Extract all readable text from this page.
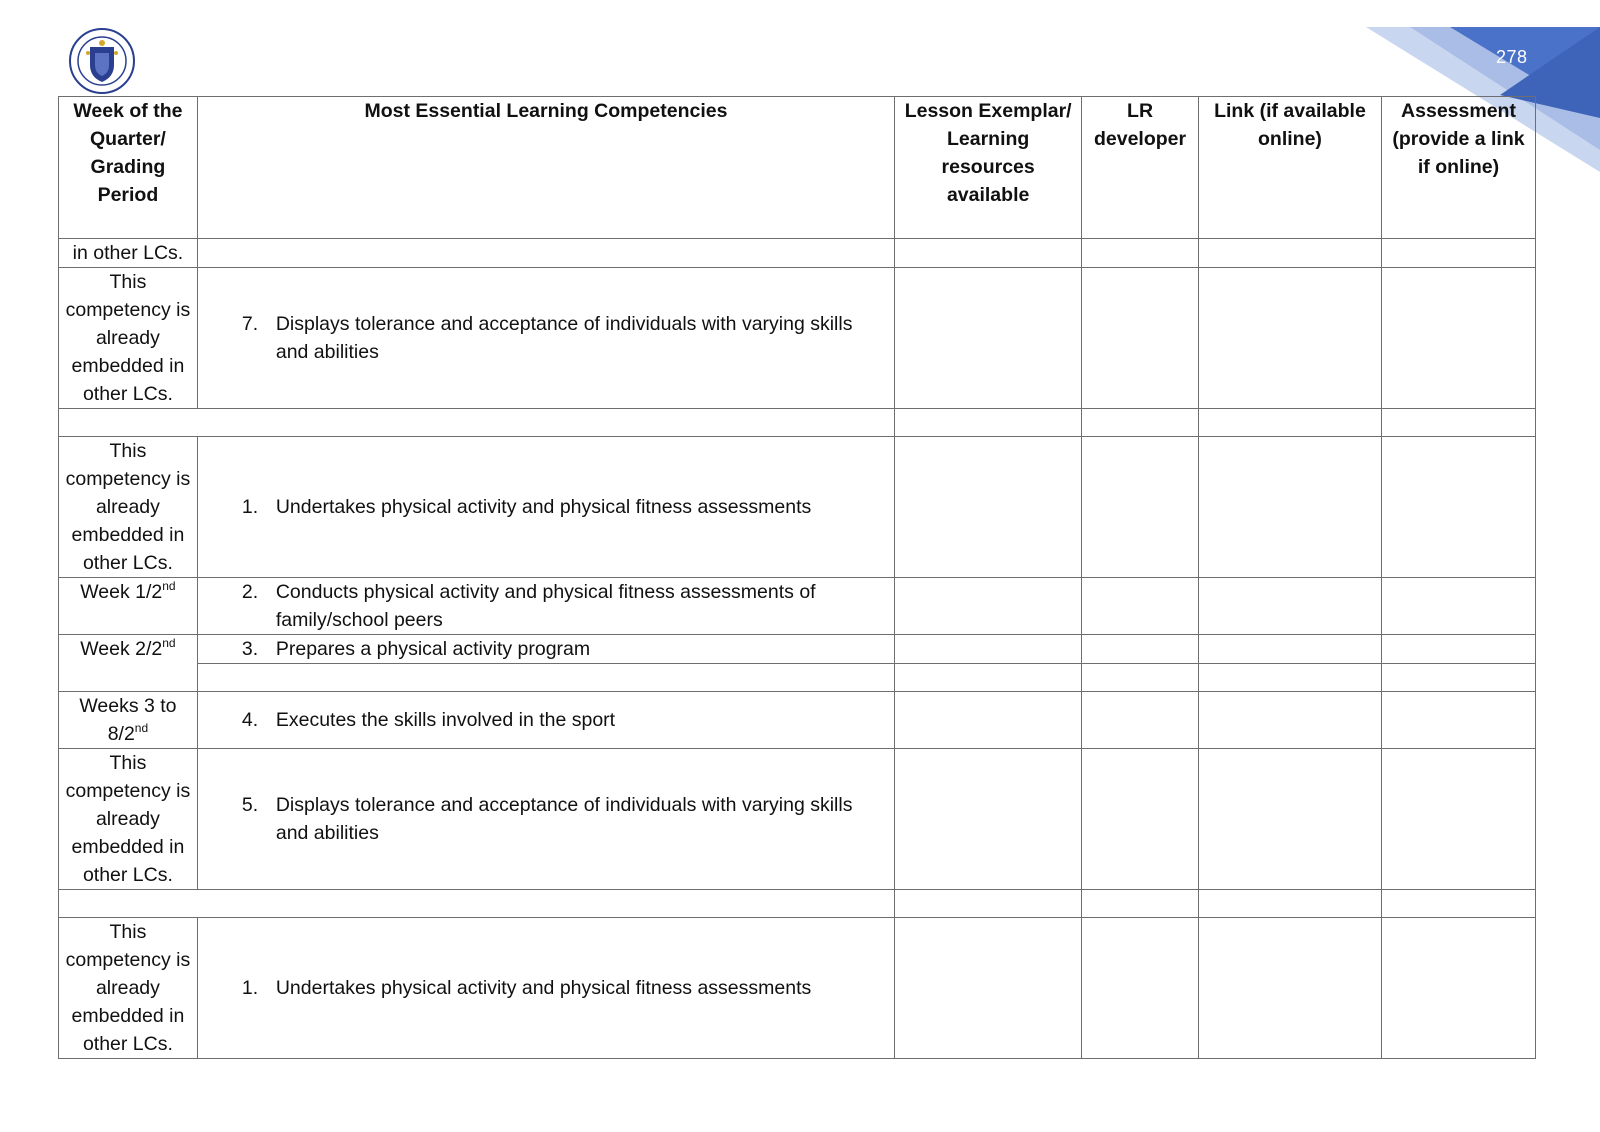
278
Week of the Quarter/ Grading Period	Most Essential Learning Competencies	Lesson Exemplar/ Learning resources available	LR developer	Link (if available online)	Assessment (provide a link if online)
in other LCs.					
This competency is already embedded in other LCs.	7. Displays tolerance and acceptance of individuals with varying skills and abilities				

This competency is already embedded in other LCs.	1. Undertakes physical activity and physical fitness assessments				

Week 1/2nd	2. Conducts physical activity and physical fitness assessments of family/school peers				

Week 2/2nd	3. Prepares a physical activity program				

Weeks 3 to 8/2nd	4. Executes the skills involved in the sport				

This competency is already embedded in other LCs.	5. Displays tolerance and acceptance of individuals with varying skills and abilities				

This competency is already embedded in other LCs.	1. Undertakes physical activity and physical fitness assessments				
